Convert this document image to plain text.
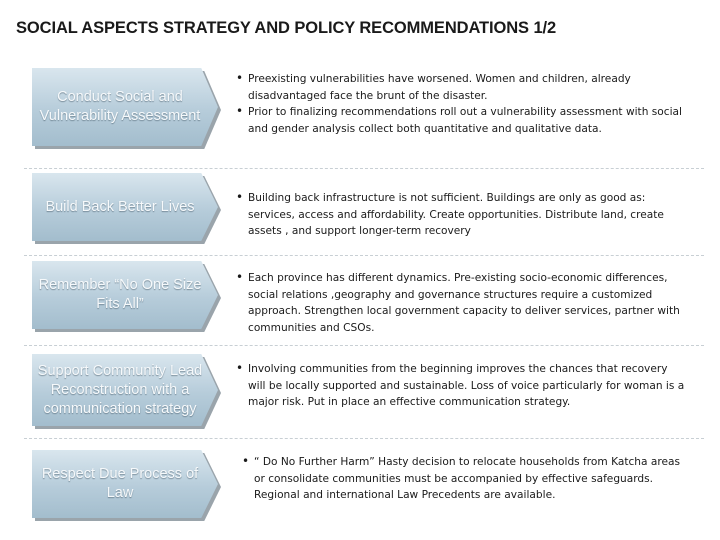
SOCIAL ASPECTS STRATEGY AND POLICY RECOMMENDATIONS 1/2
Conduct Social and Vulnerability Assessment
• Preexisting vulnerabilities have worsened. Women and children, already disadvantaged face the brunt of the disaster.
• Prior to finalizing recommendations roll out a vulnerability assessment with social and gender analysis collect both quantitative and qualitative data.
Build Back Better Lives
• Building back infrastructure is not sufficient. Buildings are only as good as: services, access and affordability. Create opportunities. Distribute land, create assets , and support longer-term recovery
Remember “No One Size Fits All”
• Each province has different dynamics. Pre-existing socio-economic differences, social relations ,geography and governance structures require a customized approach. Strengthen local government capacity to deliver services, partner with communities and CSOs.
Support Community Lead Reconstruction with a communication strategy
• Involving communities from the beginning improves the chances that recovery will be locally supported and sustainable. Loss of voice particularly for woman is a major risk. Put in place an effective communication strategy.
Respect Due Process of Law
• “ Do No Further Harm” Hasty decision to relocate households from Katcha areas or consolidate communities must be accompanied by effective safeguards. Regional and international Law Precedents are available.
